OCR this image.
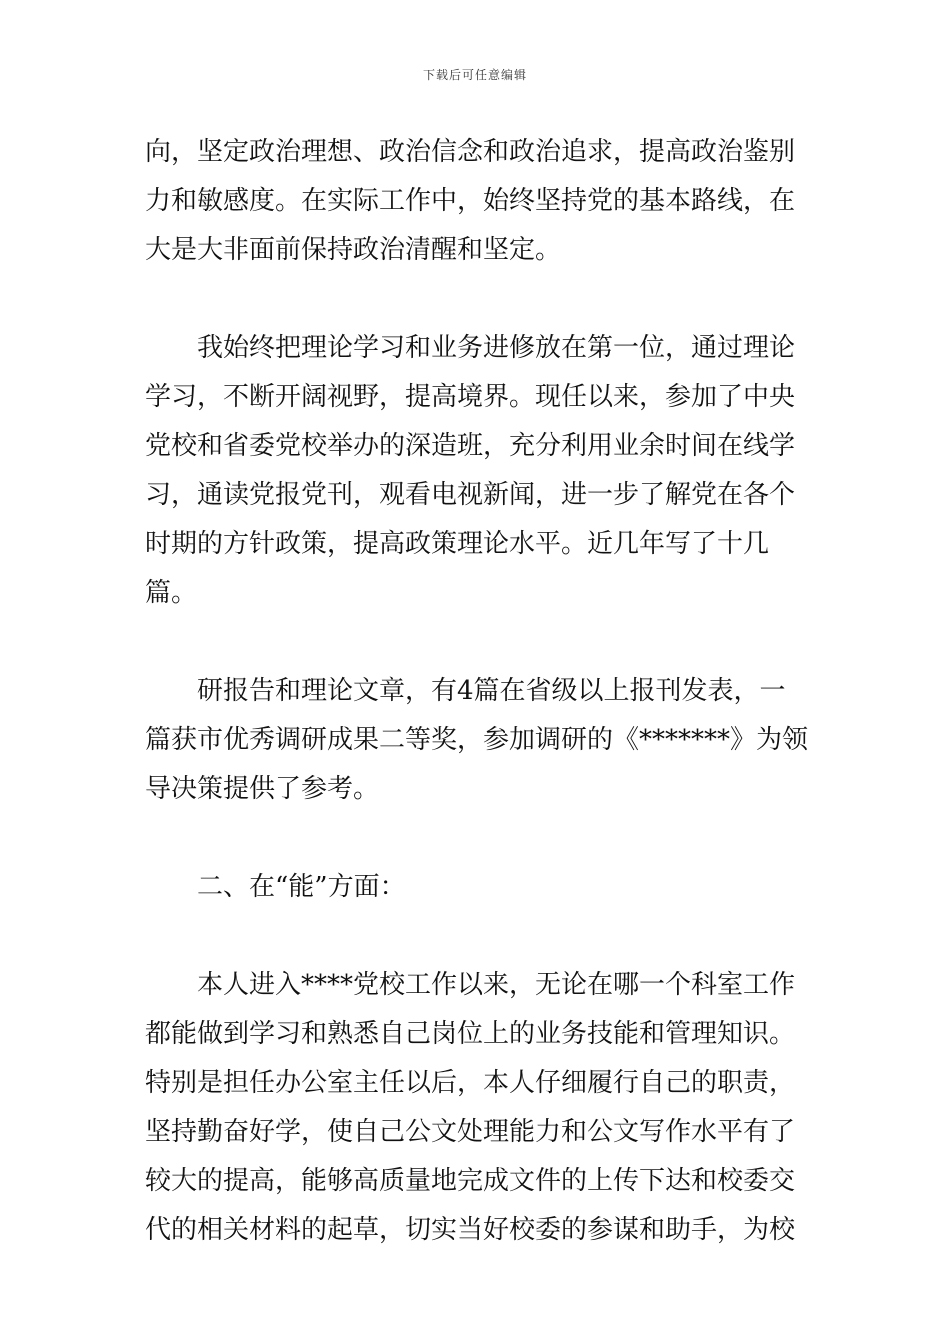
下载后可任意编辑

向，坚定政治理想、政治信念和政治追求，提高政治鉴别力和敏感度。在实际工作中，始终坚持党的基本路线，在大是大非面前保持政治清醒和坚定。

　　我始终把理论学习和业务进修放在第一位，通过理论学习，不断开阔视野，提高境界。现任以来，参加了中央党校和省委党校举办的深造班，充分利用业余时间在线学习，通读党报党刊，观看电视新闻，进一步了解党在各个时期的方针政策，提高政策理论水平。近几年写了十几篇。

　　研报告和理论文章，有4篇在省级以上报刊发表，一篇获市优秀调研成果二等奖，参加调研的《*******》为领导决策提供了参考。

　　二、在“能”方面：

　　本人进入****党校工作以来，无论在哪一个科室工作都能做到学习和熟悉自己岗位上的业务技能和管理知识。特别是担任办公室主任以后，本人仔细履行自己的职责，坚持勤奋好学，使自己公文处理能力和公文写作水平有了较大的提高，能够高质量地完成文件的上传下达和校委交代的相关材料的起草，切实当好校委的参谋和助手，为校
